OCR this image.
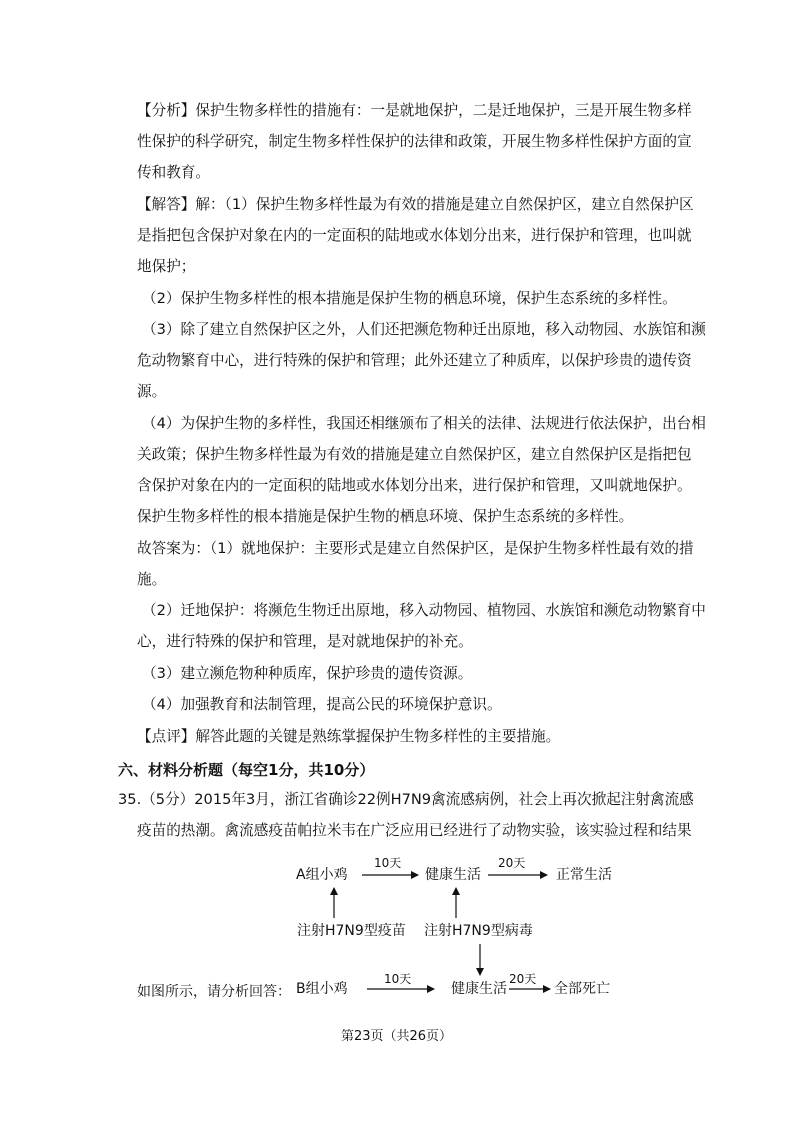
【分析】保护生物多样性的措施有：一是就地保护，二是迁地保护，三是开展生物多样
性保护的科学研究，制定生物多样性保护的法律和政策，开展生物多样性保护方面的宣
传和教育。
【解答】解：（1）保护生物多样性最为有效的措施是建立自然保护区，建立自然保护区
是指把包含保护对象在内的一定面积的陆地或水体划分出来，进行保护和管理，也叫就
地保护；
（2）保护生物多样性的根本措施是保护生物的栖息环境，保护生态系统的多样性。
（3）除了建立自然保护区之外，人们还把濒危物种迁出原地，移入动物园、水族馆和濒
危动物繁育中心，进行特殊的保护和管理；此外还建立了种质库，以保护珍贵的遗传资
源。
（4）为保护生物的多样性，我国还相继颁布了相关的法律、法规进行依法保护，出台相
关政策；保护生物多样性最为有效的措施是建立自然保护区，建立自然保护区是指把包
含保护对象在内的一定面积的陆地或水体划分出来，进行保护和管理，又叫就地保护。
保护生物多样性的根本措施是保护生物的栖息环境、保护生态系统的多样性。
故答案为：（1）就地保护：主要形式是建立自然保护区，是保护生物多样性最有效的措
施。
（2）迁地保护：将濒危生物迁出原地，移入动物园、植物园、水族馆和濒危动物繁育中
心，进行特殊的保护和管理，是对就地保护的补充。
（3）建立濒危物种种质库，保护珍贵的遗传资源。
（4）加强教育和法制管理，提高公民的环境保护意识。
【点评】解答此题的关键是熟练掌握保护生物多样性的主要措施。
六、材料分析题（每空1分，共10分）
35.（5分）2015年3月，浙江省确诊22例H7N9禽流感病例，社会上再次掀起注射禽流感
疫苗的热潮。禽流感疫苗帕拉米韦在广泛应用已经进行了动物实验，该实验过程和结果
A组小鸡
10天
健康生活
20天
正常生活
注射H7N9型疫苗 注射H7N9型病毒
如图所示，请分析回答： B组小鸡
10天
健康生活
20天
全部死亡
第23页（共26页）
